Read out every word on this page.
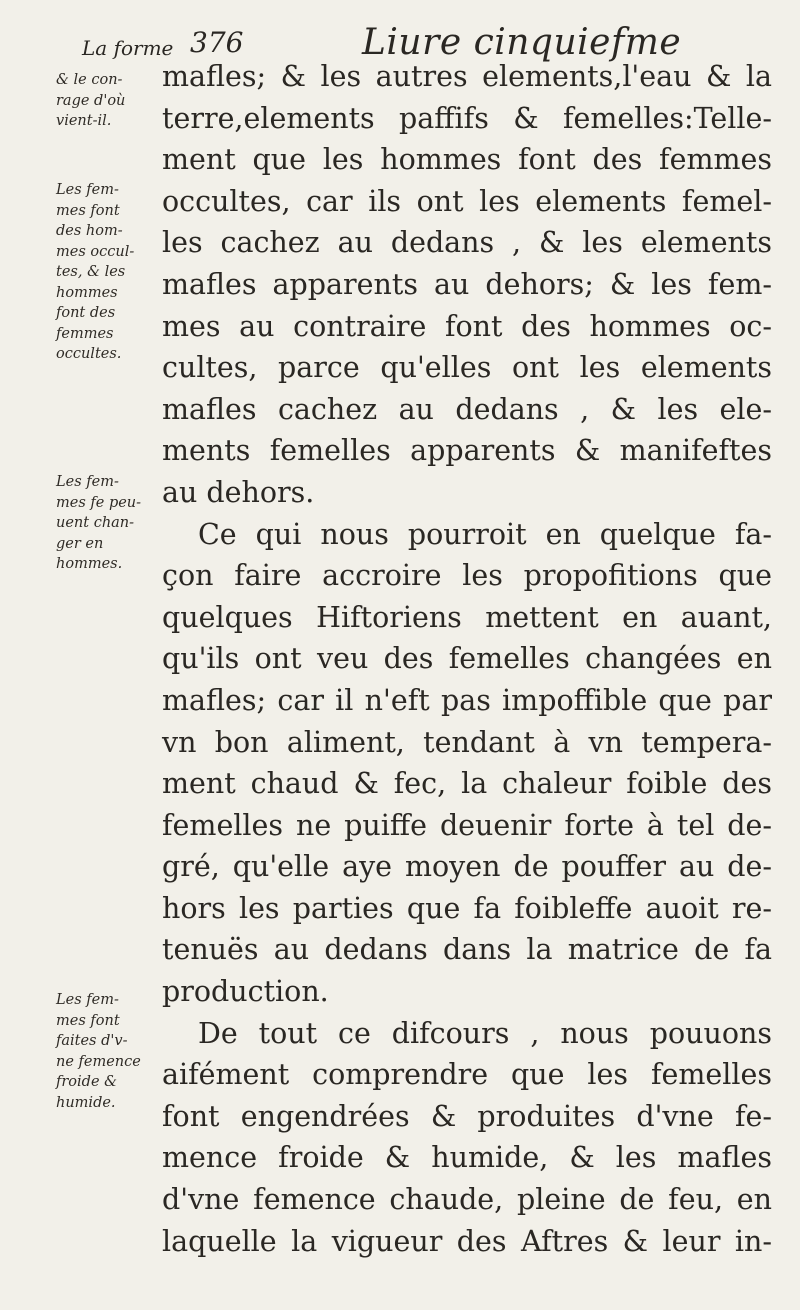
La forme 376	Liure cinquiefme
& le con-
rage d'où
vient-il.
Les fem-
mes font
des hom-
mes occul-
tes, & les
hommes
font des
femmes
occultes.
Les fem-
mes fe peu-
uent chan-
ger en
hommes.
Les fem-
mes font
faites d'v-
ne femence
froide &
humide.
mafles; & les autres elements,l'eau & la
terre,elements paffifs & femelles:Telle-
ment que les hommes font des femmes
occultes, car ils ont les elements femel-
les cachez au dedans , & les elements
mafles apparents au dehors; & les fem-
mes au contraire font des hommes oc-
cultes, parce qu'elles ont les elements
mafles cachez au dedans , & les ele-
ments femelles apparents & manifeftes
au dehors.
Ce qui nous pourroit en quelque fa-
çon faire accroire les propofitions que
quelques Hiftoriens mettent en auant,
qu'ils ont veu des femelles changées en
mafles; car il n'eft pas impoffible que par
vn bon aliment, tendant à vn tempera-
ment chaud & fec, la chaleur foible des
femelles ne puiffe deuenir forte à tel de-
gré, qu'elle aye moyen de pouffer au de-
hors les parties que fa foibleffe auoit re-
tenuës au dedans dans la matrice de fa
production.
De tout ce difcours , nous pouuons
aifément comprendre que les femelles
font engendrées & produites d'vne fe-
mence froide & humide, & les mafles
d'vne femence chaude, pleine de feu, en
laquelle la vigueur des Aftres & leur in-
